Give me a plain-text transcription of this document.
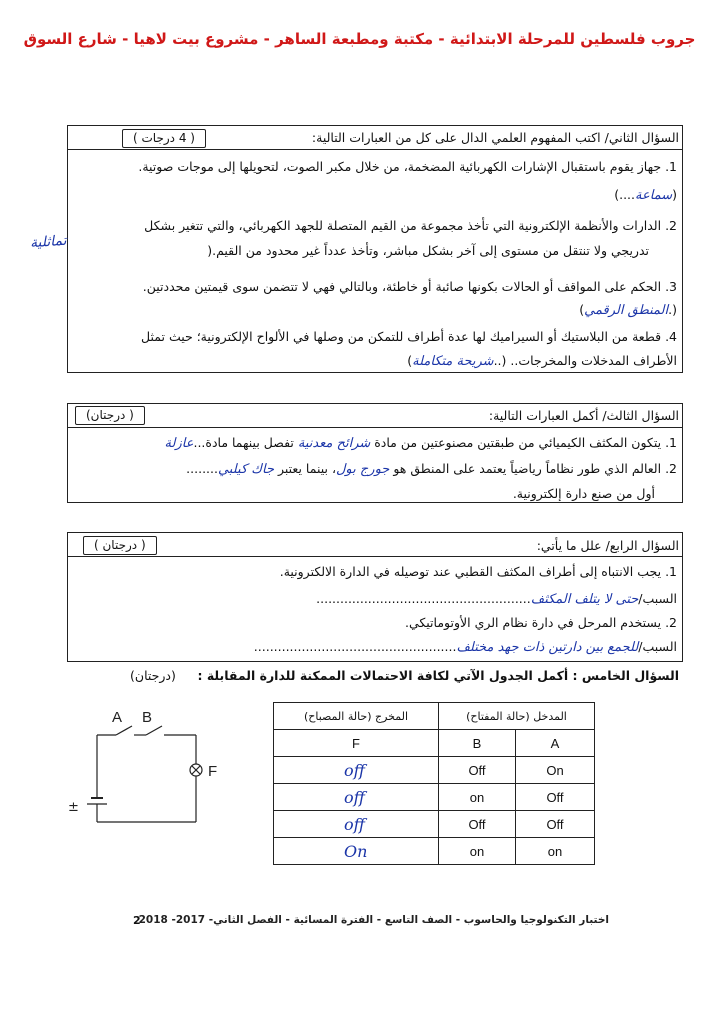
جروب فلسطين للمرحلة الابتدائية - مكتبة ومطبعة الساهر - مشروع بيت لاهيا - شارع السوق
السؤال الثاني/ اكتب المفهوم العلمي الدال على كل من العبارات التالية:
( 4 درجات )
1. جهاز يقوم باستقبال الإشارات الكهربائية المضخمة، من خلال مكبر الصوت، لتحويلها إلى موجات صوتية.
(سماعة....)
2. الدارات والأنظمة الإلكترونية التي تأخذ مجموعة من القيم المتصلة للجهد الكهربائي، والتي تتغير بشكل
تماثلية	تدريجي ولا تنتقل من مستوى إلى آخر بشكل مباشر، وتأخذ عدداً غير محدود من القيم.(
3. الحكم على المواقف أو الحالات بكونها صائبة أو خاطئة، وبالتالي فهي لا تتضمن سوى قيمتين محددتين.
(.المنطق الرقمي)
4. قطعة من البلاستيك أو السيراميك لها عدة أطراف للتمكن من وصلها في الألواح الإلكترونية؛ حيث تمثل
الأطراف المدخلات والمخرجات.. (..شريحة متكاملة)
السؤال الثالث/ أكمل العبارات التالية:
( درجتان)
1. يتكون المكثف الكيميائي من طبقتين مصنوعتين من مادة شرائح معدنية تفصل بينهما مادة...عازلة
2. العالم الذي طور نظاماً رياضياً يعتمد على المنطق هو جورج بول، بينما يعتبر جاك كيلبي........
أول من صنع دارة إلكترونية.
السؤال الرابع/ علل ما يأتي:
( درجتان )
1. يجب الانتباه إلى أطراف المكثف القطبي عند توصيله في الدارة الالكترونية.
السبب/حتى لا يتلف المكثف......................................................
2. يستخدم المرحل في دارة نظام الري الأوتوماتيكي.
السبب/للجمع بين دارتين ذات جهد مختلف...................................................
السؤال الخامس : أكمل الجدول الآتي لكافة الاحتمالات الممكنة للدارة المقابلة :
(درجتان)
A B
F
±
المخرج (حالة المصباح)	المدخل (حالة المفتاح)	
F	B	A
off	Off	On
off	on	Off
off	Off	Off
On	on	on
اختبار التكنولوجيا والحاسوب - الصف التاسع - الفترة المسائية - الفصل الثاني- 2017- 2018
2
